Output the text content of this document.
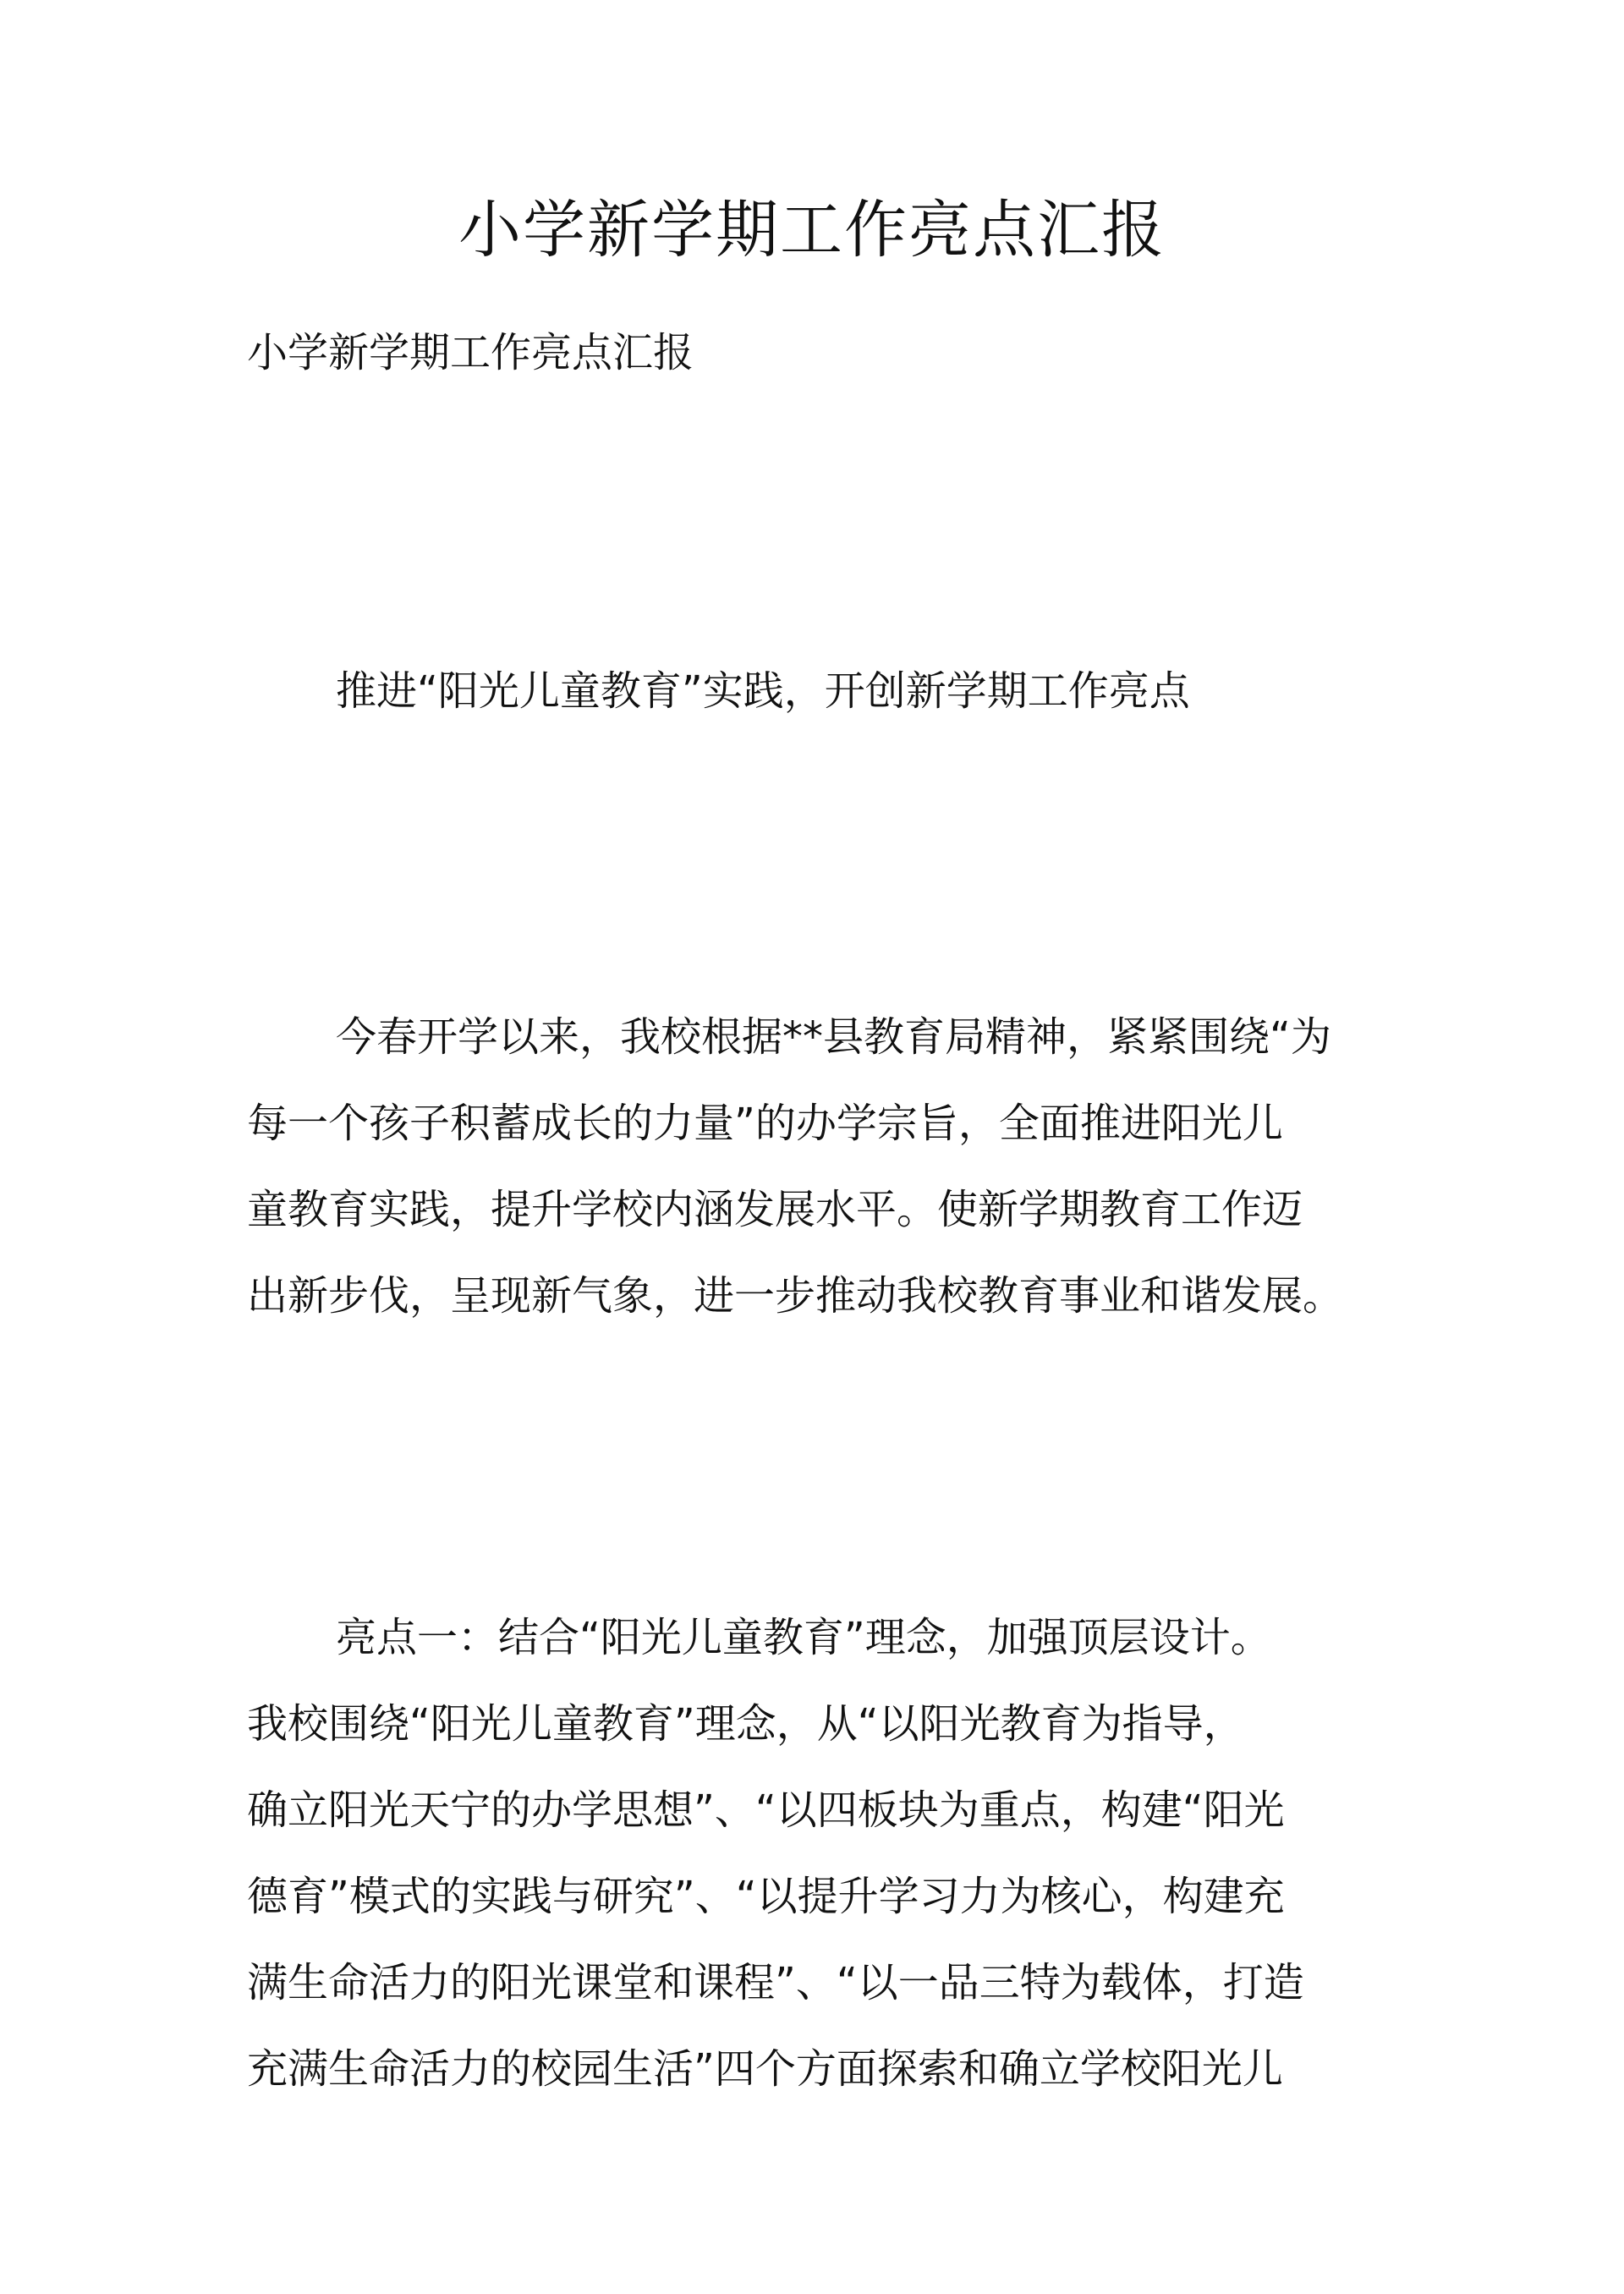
小学新学期工作亮点汇报

小学新学期工作亮点汇报

推进“阳光儿童教育”实践，开创新学期工作亮点

今春开学以来，我校根据**县教育局精神，紧紧围绕“为
每一个孩子积蓄成长的力量”的办学宗旨，全面推进阳光儿
童教育实践，提升学校内涵发展水平。使新学期教育工作迈
出新步伐，呈现新气象，进一步推动我校教育事业和谐发展。
亮点一：结合“阳光儿童教育”理念，加强顶层设计。
我校围绕“阳光儿童教育”理念，从“以阳光教育为指导，
确立阳光天宁的办学思想”、“以四板块为重点，构建“阳光
德育”模式的实践与研究”、“以提升学习力为核心，构建充
满生命活力的阳光课堂和课程”、“以一品三特为载体，打造
充满生命活力的校园生活”四个方面探索和确立学校阳光儿
